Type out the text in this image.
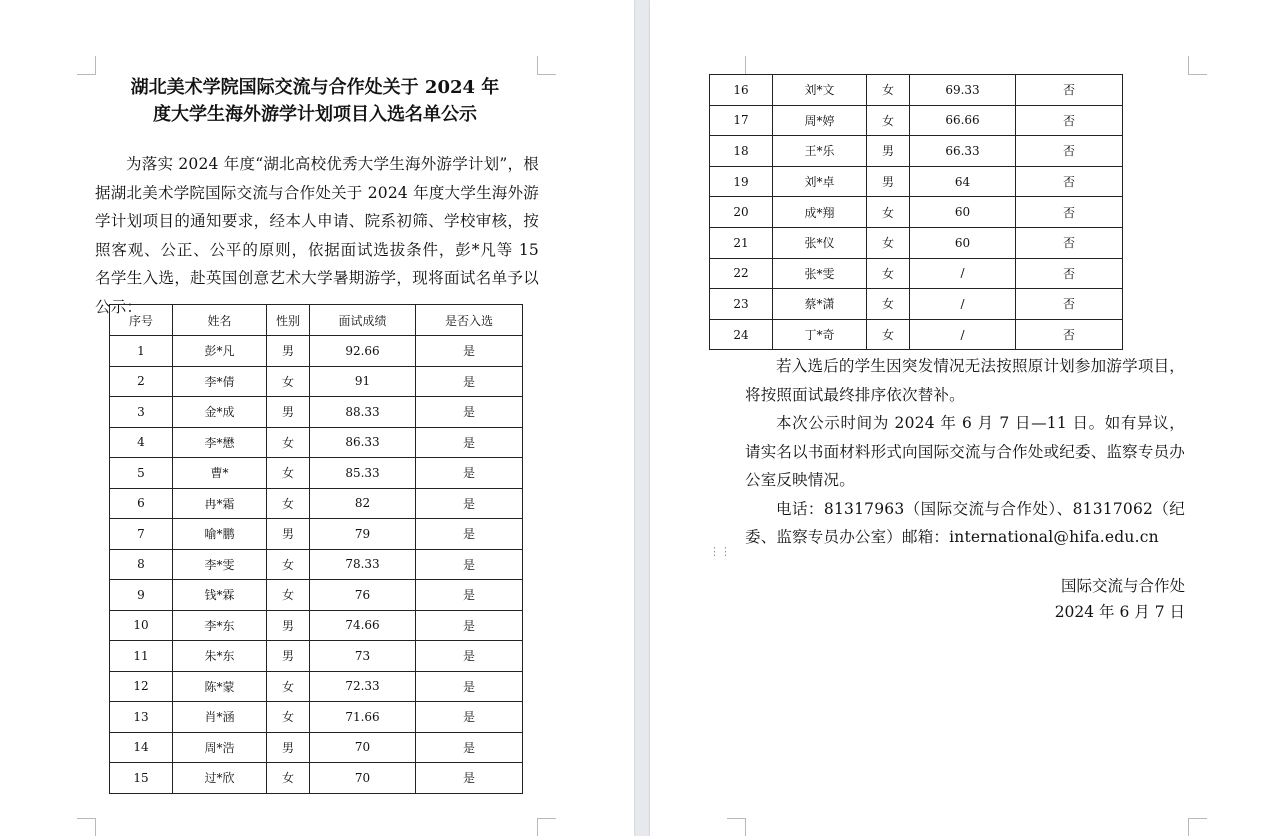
湖北美术学院国际交流与合作处关于 2024 年
度大学生海外游学计划项目入选名单公示

为落实 2024 年度“湖北高校优秀大学生海外游学计划”，根据湖北美术学院国际交流与合作处关于 2024 年度大学生海外游学计划项目的通知要求，经本人申请、院系初筛、学校审核，按照客观、公正、公平的原则，依据面试选拔条件，彭*凡等 15 名学生入选，赴英国创意艺术大学暑期游学，现将面试名单予以公示：

序号	姓名	性别	面试成绩	是否入选
1	彭*凡	男	92.66	是
2	李*倩	女	91	是
3	金*成	男	88.33	是
4	李*懋	女	86.33	是
5	曹*	女	85.33	是
6	冉*霜	女	82	是
7	喻*鹏	男	79	是
8	李*雯	女	78.33	是
9	钱*霖	女	76	是
10	李*东	男	74.66	是
11	朱*东	男	73	是
12	陈*蒙	女	72.33	是
13	肖*涵	女	71.66	是
14	周*浩	男	70	是
15	过*欣	女	70	是
16	刘*文	女	69.33	否
17	周*婷	女	66.66	否
18	王*乐	男	66.33	否
19	刘*卓	男	64	否
20	成*翔	女	60	否
21	张*仪	女	60	否
22	张*雯	女	/	否
23	蔡*潇	女	/	否
24	丁*奇	女	/	否

若入选后的学生因突发情况无法按照原计划参加游学项目，将按照面试最终排序依次替补。

本次公示时间为 2024 年 6 月 7 日—11 日。如有异议，请实名以书面材料形式向国际交流与合作处或纪委、监察专员办公室反映情况。

电话：81317963（国际交流与合作处）、81317062（纪委、监察专员办公室）邮箱：international@hifa.edu.cn

⋮⋮
国际交流与合作处
2024 年 6 月 7 日
